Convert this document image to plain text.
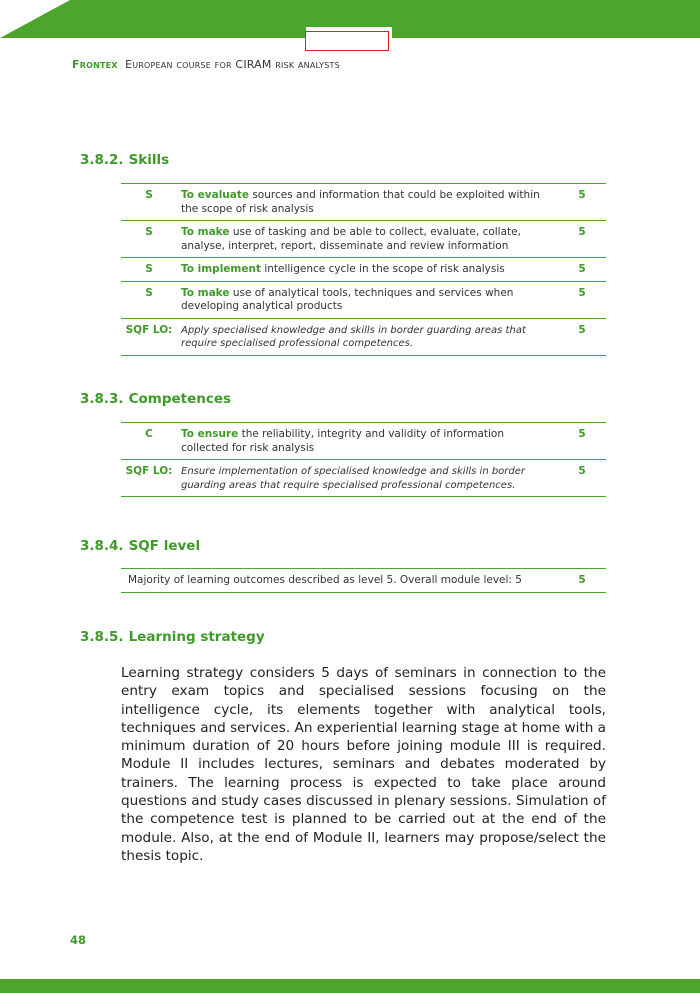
Frontex European course for CIRAM risk analysts
3.8.2. Skills
S	To evaluate sources and information that could be exploited within the scope of risk analysis	5
S	To make use of tasking and be able to collect, evaluate, collate, analyse, interpret, report, disseminate and review information	5
S	To implement intelligence cycle in the scope of risk analysis	5
S	To make use of analytical tools, techniques and services when developing analytical products	5
SQF LO:	Apply specialised knowledge and skills in border guarding areas that require specialised professional competences.	5
3.8.3. Competences
C	To ensure the reliability, integrity and validity of information collected for risk analysis	5
SQF LO:	Ensure implementation of specialised knowledge and skills in border guarding areas that require specialised professional competences.	5
3.8.4. SQF level
Majority of learning outcomes described as level 5. Overall module level: 5	5
3.8.5. Learning strategy

Learning strategy considers 5 days of seminars in connection to the entry exam topics and specialised sessions focusing on the intelligence cycle, its elements together with analytical tools, techniques and services. An experiential learning stage at home with a minimum duration of 20 hours before joining module III is required. Module II includes lectures, seminars and debates moderated by trainers. The learning process is expected to take place around questions and study cases discussed in plenary sessions. Simulation of the competence test is planned to be carried out at the end of the module. Also, at the end of Module II, learners may propose/select the thesis topic.

48
